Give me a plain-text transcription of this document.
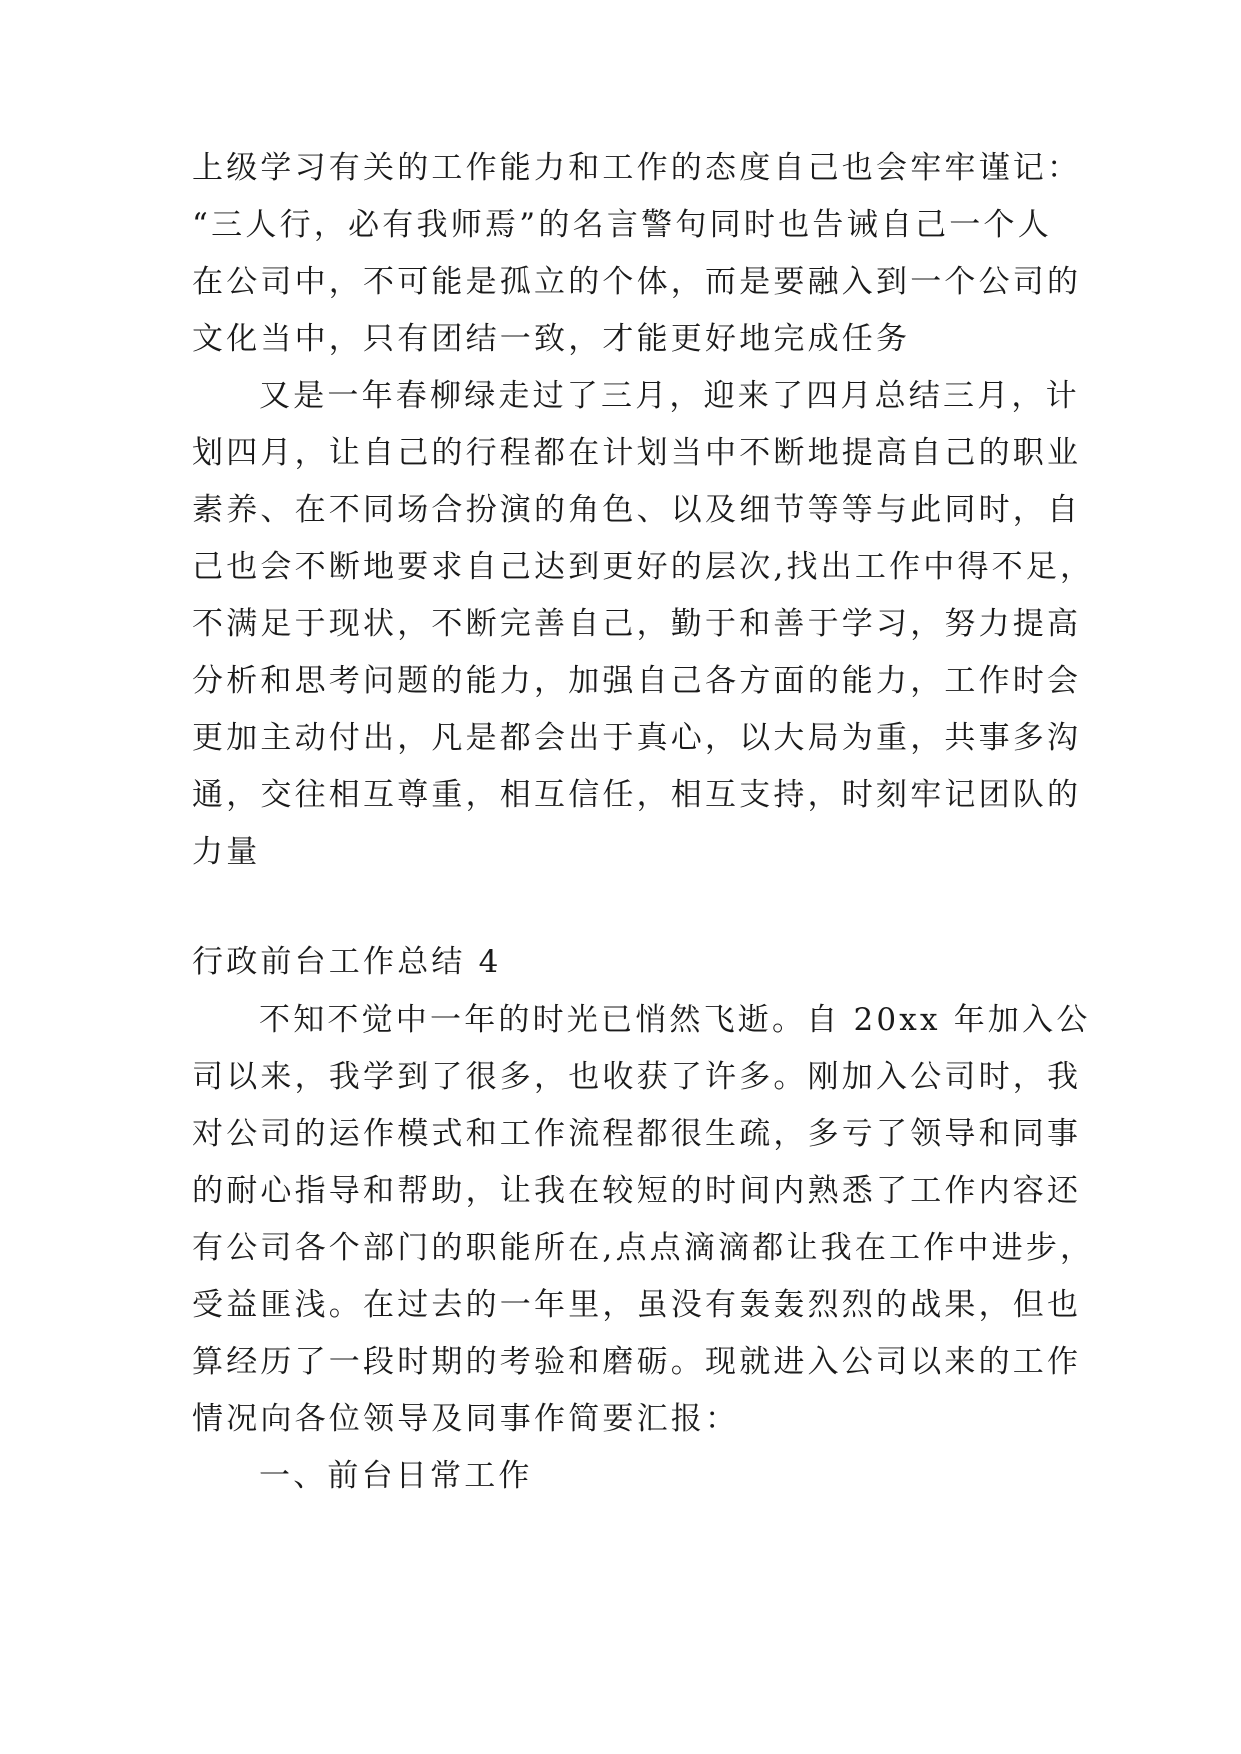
上级学习有关的工作能力和工作的态度自己也会牢牢谨记：
“三人行，必有我师焉”的名言警句同时也告诫自己一个人
在公司中，不可能是孤立的个体，而是要融入到一个公司的
文化当中，只有团结一致，才能更好地完成任务
又是一年春柳绿走过了三月，迎来了四月总结三月，计
划四月，让自己的行程都在计划当中不断地提高自己的职业
素养、在不同场合扮演的角色、以及细节等等与此同时，自
己也会不断地要求自己达到更好的层次,找出工作中得不足，
不满足于现状，不断完善自己，勤于和善于学习，努力提高
分析和思考问题的能力，加强自己各方面的能力，工作时会
更加主动付出，凡是都会出于真心，以大局为重，共事多沟
通，交往相互尊重，相互信任，相互支持，时刻牢记团队的
力量
行政前台工作总结 4
不知不觉中一年的时光已悄然飞逝。自 20xx 年加入公
司以来，我学到了很多，也收获了许多。刚加入公司时，我
对公司的运作模式和工作流程都很生疏，多亏了领导和同事
的耐心指导和帮助，让我在较短的时间内熟悉了工作内容还
有公司各个部门的职能所在,点点滴滴都让我在工作中进步，
受益匪浅。在过去的一年里，虽没有轰轰烈烈的战果，但也
算经历了一段时期的考验和磨砺。现就进入公司以来的工作
情况向各位领导及同事作简要汇报：
一、前台日常工作
